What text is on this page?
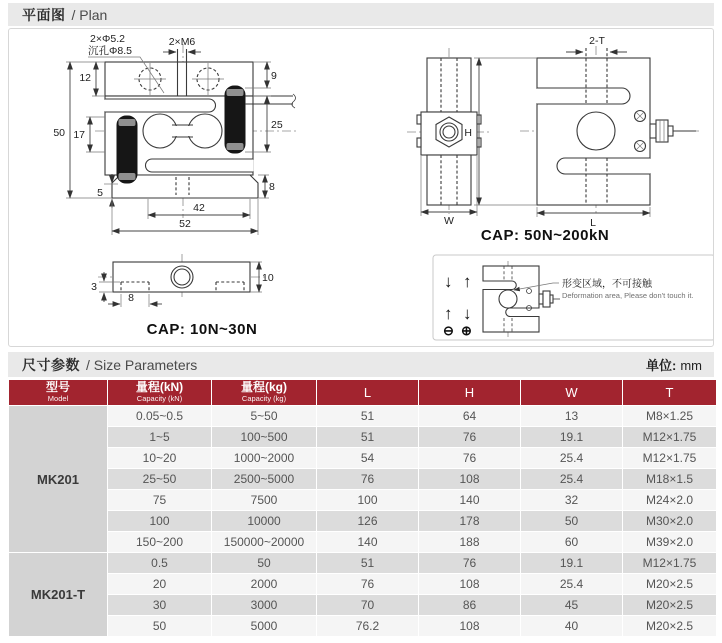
平面图 / Plan
2×M6
2×Φ5.2
沉孔Φ8.5
12
50 17
5
9
25
8
42
52
3
8
10
CAP: 10N~30N
W
2-T
H
L
CAP: 50N~200kN
↓ ↑
↑ ↓
⊖ ⊕
形变区域，不可接触
Deformation area, Please don't touch it.
尺寸参数 / Size Parameters	单位: mm
型号
Model	量程(kN)
Capacity (kN)	量程(kg)
Capacity (kg)	L	H	W	T
MK201	0.05~0.5	5~50	51	64	13	M8×1.25
	1~5	100~500	51	76	19.1	M12×1.75
	10~20	1000~2000	54	76	25.4	M12×1.75
	25~50	2500~5000	76	108	25.4	M18×1.5
	75	7500	100	140	32	M24×2.0
	100	10000	126	178	50	M30×2.0
	150~200	150000~20000	140	188	60	M39×2.0
MK201-T	0.5	50	51	76	19.1	M12×1.75
	20	2000	76	108	25.4	M20×2.5
	30	3000	70	86	45	M20×2.5
	50	5000	76.2	108	40	M20×2.5
